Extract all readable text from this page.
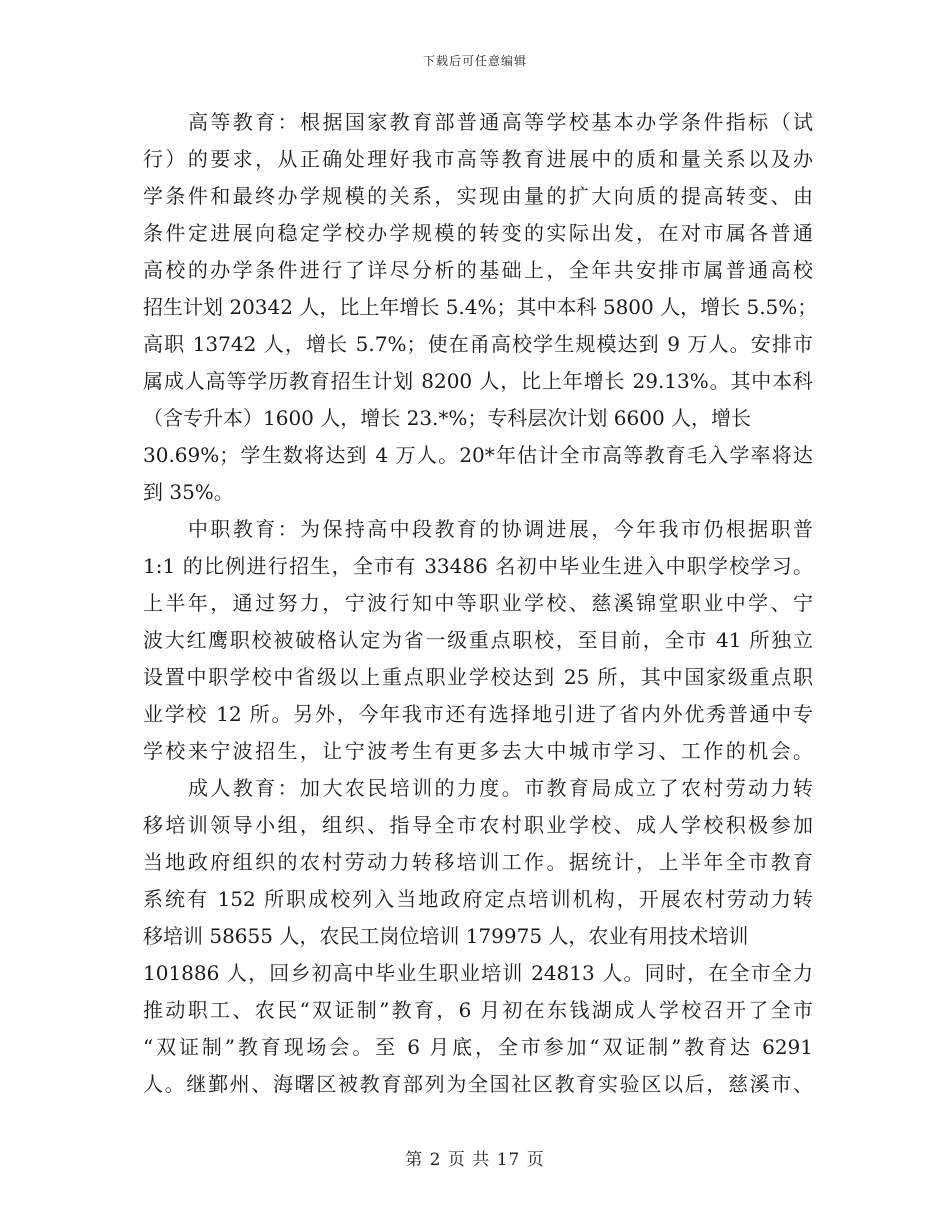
下载后可任意编辑
高等教育：根据国家教育部普通高等学校基本办学条件指标（试
行）的要求，从正确处理好我市高等教育进展中的质和量关系以及办
学条件和最终办学规模的关系，实现由量的扩大向质的提高转变、由
条件定进展向稳定学校办学规模的转变的实际出发，在对市属各普通
高校的办学条件进行了详尽分析的基础上，全年共安排市属普通高校
招生计划 20342 人，比上年增长 5.4%；其中本科 5800 人，增长 5.5%；
高职 13742 人，增长 5.7%；使在甬高校学生规模达到 9 万人。安排市
属成人高等学历教育招生计划 8200 人，比上年增长 29.13%。其中本科
（含专升本）1600 人，增长 23.*%；专科层次计划 6600 人，增长
30.69%；学生数将达到 4 万人。20*年估计全市高等教育毛入学率将达
到 35%。
中职教育：为保持高中段教育的协调进展，今年我市仍根据职普
1:1 的比例进行招生，全市有 33486 名初中毕业生进入中职学校学习。
上半年，通过努力，宁波行知中等职业学校、慈溪锦堂职业中学、宁
波大红鹰职校被破格认定为省一级重点职校，至目前，全市 41 所独立
设置中职学校中省级以上重点职业学校达到 25 所，其中国家级重点职
业学校 12 所。另外，今年我市还有选择地引进了省内外优秀普通中专
学校来宁波招生，让宁波考生有更多去大中城市学习、工作的机会。
成人教育：加大农民培训的力度。市教育局成立了农村劳动力转
移培训领导小组，组织、指导全市农村职业学校、成人学校积极参加
当地政府组织的农村劳动力转移培训工作。据统计，上半年全市教育
系统有 152 所职成校列入当地政府定点培训机构，开展农村劳动力转
移培训 58655 人，农民工岗位培训 179975 人，农业有用技术培训
101886 人，回乡初高中毕业生职业培训 24813 人。同时，在全市全力
推动职工、农民“双证制”教育，6 月初在东钱湖成人学校召开了全市
“双证制”教育现场会。至 6 月底，全市参加“双证制”教育达 6291
人。继鄞州、海曙区被教育部列为全国社区教育实验区以后，慈溪市、
第 2 页 共 17 页
